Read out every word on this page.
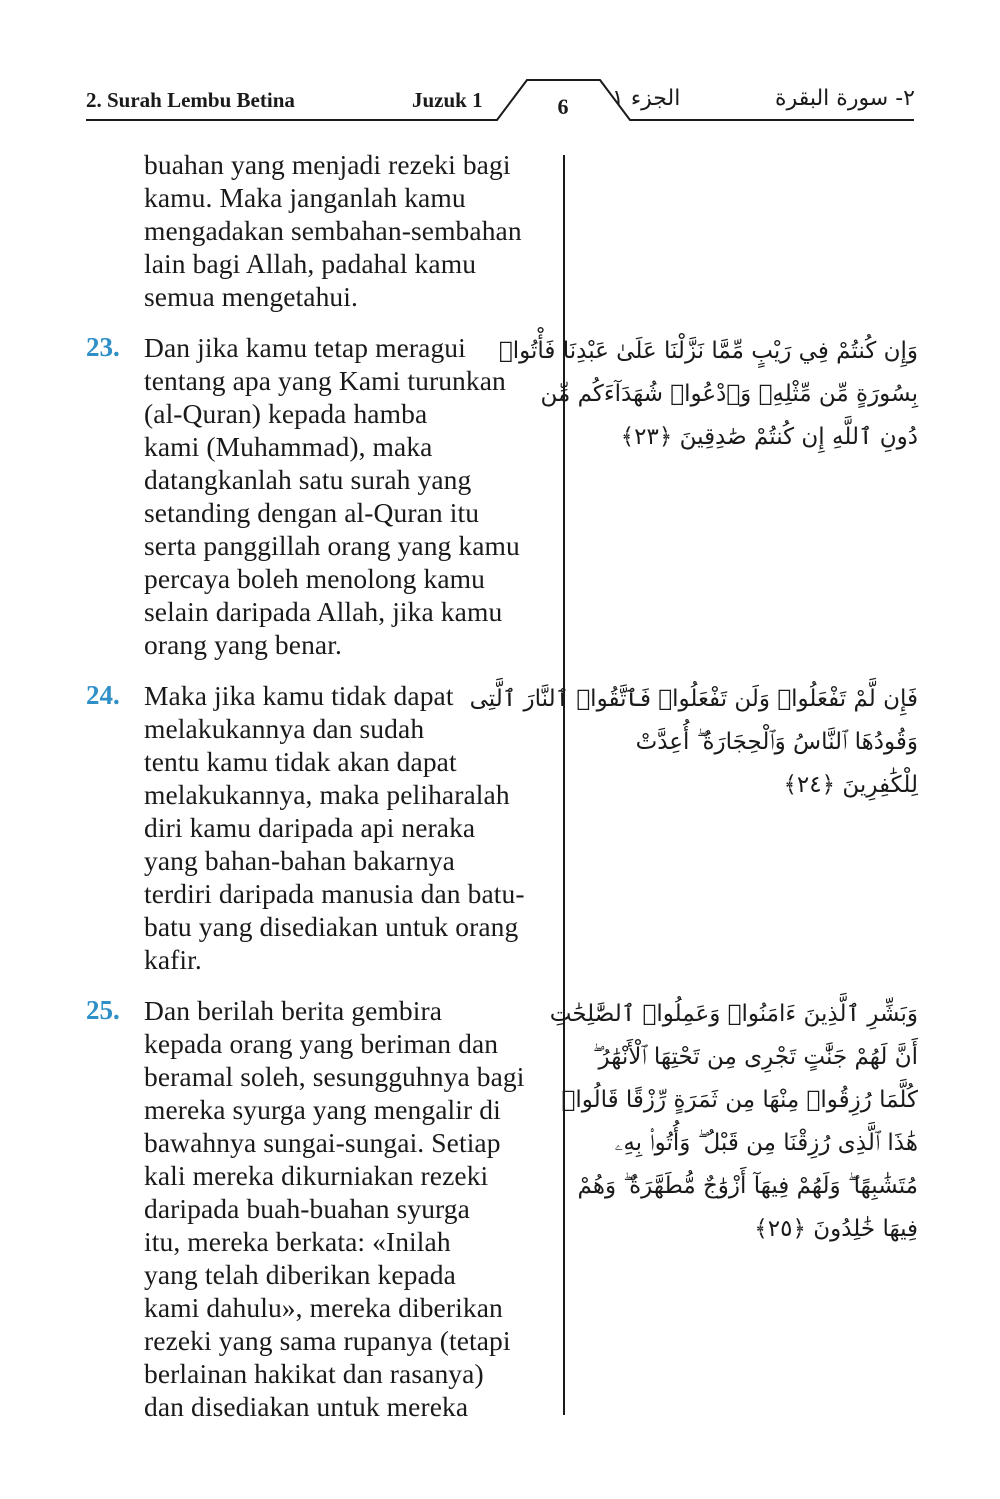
2. Surah Lembu Betina	Juzuk 1	6	الجزء ١	٢- سورة البقرة

buahan yang menjadi rezeki bagi
kamu. Maka janganlah kamu
mengadakan sembahan-sembahan
lain bagi Allah, padahal kamu
semua mengetahui.

23. Dan jika kamu tetap meragui
tentang apa yang Kami turunkan
(al-Quran) kepada hamba
kami (Muhammad), maka
datangkanlah satu surah yang
setanding dengan al-Quran itu
serta panggillah orang yang kamu
percaya boleh menolong kamu
selain daripada Allah, jika kamu
orang yang benar.

24. Maka jika kamu tidak dapat
melakukannya dan sudah
tentu kamu tidak akan dapat
melakukannya, maka peliharalah
diri kamu daripada api neraka
yang bahan-bahan bakarnya
terdiri daripada manusia dan batu-
batu yang disediakan untuk orang
kafir.

25. Dan berilah berita gembira
kepada orang yang beriman dan
beramal soleh, sesungguhnya bagi
mereka syurga yang mengalir di
bawahnya sungai-sungai. Setiap
kali mereka dikurniakan rezeki
daripada buah-buahan syurga
itu, mereka berkata: «Inilah
yang telah diberikan kepada
kami dahulu», mereka diberikan
rezeki yang sama rupanya (tetapi
berlainan hakikat dan rasanya)
dan disediakan untuk mereka

وَإِن كُنتُمْ فِي رَيْبٍ مِّمَّا نَزَّلْنَا عَلَىٰ عَبْدِنَا فَأْتُوا۟
بِسُورَةٍ مِّن مِّثْلِهِۦ وَٱدْعُوا۟ شُهَدَآءَكُم مِّن
دُونِ ٱللَّهِ إِن كُنتُمْ صَٰدِقِينَ ﴿٢٣﴾
فَإِن لَّمْ تَفْعَلُوا۟ وَلَن تَفْعَلُوا۟ فَٱتَّقُوا۟ ٱلنَّارَ ٱلَّتِى
وَقُودُهَا ٱلنَّاسُ وَٱلْحِجَارَةُ ۖ أُعِدَّتْ
لِلْكَٰفِرِينَ ﴿٢٤﴾
وَبَشِّرِ ٱلَّذِينَ ءَامَنُوا۟ وَعَمِلُوا۟ ٱلصَّٰلِحَٰتِ
أَنَّ لَهُمْ جَنَّٰتٍ تَجْرِى مِن تَحْتِهَا ٱلْأَنْهَٰرُ ۖ
كُلَّمَا رُزِقُوا۟ مِنْهَا مِن ثَمَرَةٍ رِّزْقًا قَالُوا۟
هَٰذَا ٱلَّذِى رُزِقْنَا مِن قَبْلُ ۖ وَأُتُوا۟ بِهِۦ
مُتَشَٰبِهًا ۖ وَلَهُمْ فِيهَآ أَزْوَٰجٌ مُّطَهَّرَةٌ ۖ وَهُمْ
فِيهَا خَٰلِدُونَ ﴿٢٥﴾
